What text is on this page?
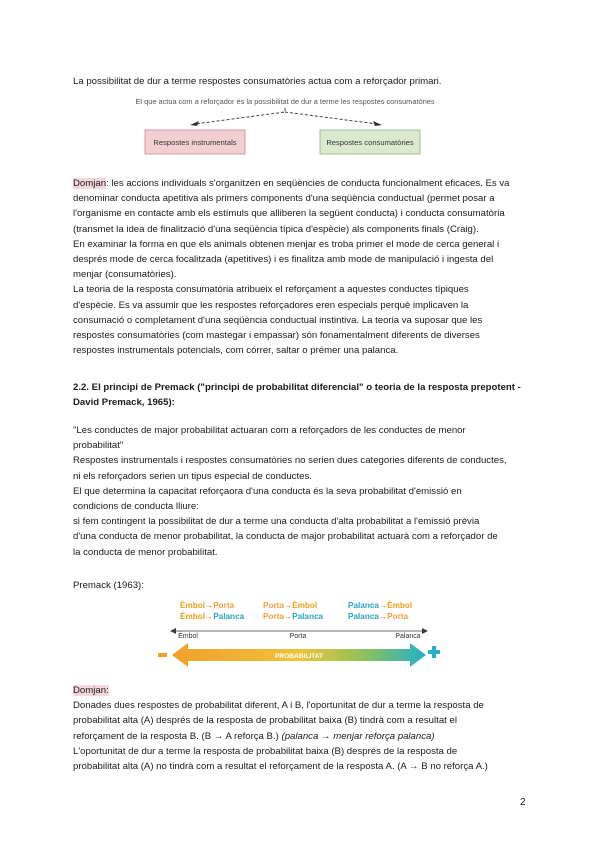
La possibilitat de dur a terme respostes consumatòries actua com a reforçador primari.
El que actua com a reforçador és la possibilitat de dur a terme les respostes consumatòries
Respostes instrumentals	Respostes consumatòries
Domjan: les accions individuals s'organitzen en seqüències de conducta funcionalment eficaces. Es va
denominar conducta apetitiva als primers components d'una seqüència conductual (permet posar a
l'organisme en contacte amb els estímuls que alliberen la següent conducta) i conducta consumatòria
(transmet la idea de finalització d'una seqüència típica d'espècie) als components finals (Craig).
En examinar la forma en que els animals obtenen menjar es troba primer el mode de cerca general i
després mode de cerca focalitzada (apetitives) i es finalitza amb mode de manipulació i ingesta del
menjar (consumatòries).
La teoria de la resposta consumatòria atribueix el reforçament a aquestes conductes típiques
d'espècie. Es va assumir que les respostes reforçadores eren especials perquè implicaven la
consumació o completament d'una seqüència conductual instintiva. La teoria va suposar que les
respostes consumatòries (com mastegar i empassar) són fonamentalment diferents de diverses
respostes instrumentals potencials, com córrer, saltar o prémer una palanca.
2.2. El principi de Premack ("principi de probabilitat diferencial" o teoria de la resposta prepotent -
David Premack, 1965):
"Les conductes de major probabilitat actuaran com a reforçadors de les conductes de menor
probabilitat"
Respostes instrumentals i respostes consumatòries no serien dues categories diferents de conductes,
ni els reforçadors serien un tipus especial de conductes.
El que determina la capacitat reforçaora d'una conducta és la seva probabilitat d'emissió en
condicions de conducta lliure:
si fem contingent la possibilitat de dur a terme una conducta d'alta probabilitat a l'emissió prèvia
d'una conducta de menor probabilitat, la conducta de major probabilitat actuarà com a reforçador de
la conducta de menor probabilitat.
Premack (1963):
Èmbol→Porta	Porta→Èmbol	Palanca→Èmbol
Èmbol→Palanca Porta→Palanca	Palanca→Porta
Èmbol	Porta	Palanca
PROBABILITAT
Domjan:
Donades dues respostes de probabilitat diferent, A i B, l'oportunitat de dur a terme la resposta de
probabilitat alta (A) després de la resposta de probabilitat baixa (B) tindrà com a resultat el
reforçament de la resposta B. (B → A reforça B.) (palanca → menjar reforça palanca)
L'oportunitat de dur a terme la resposta de probabilitat baixa (B) després de la resposta de
probabilitat alta (A) no tindrà com a resultat el reforçament de la resposta A. (A → B no reforça A.)
2
